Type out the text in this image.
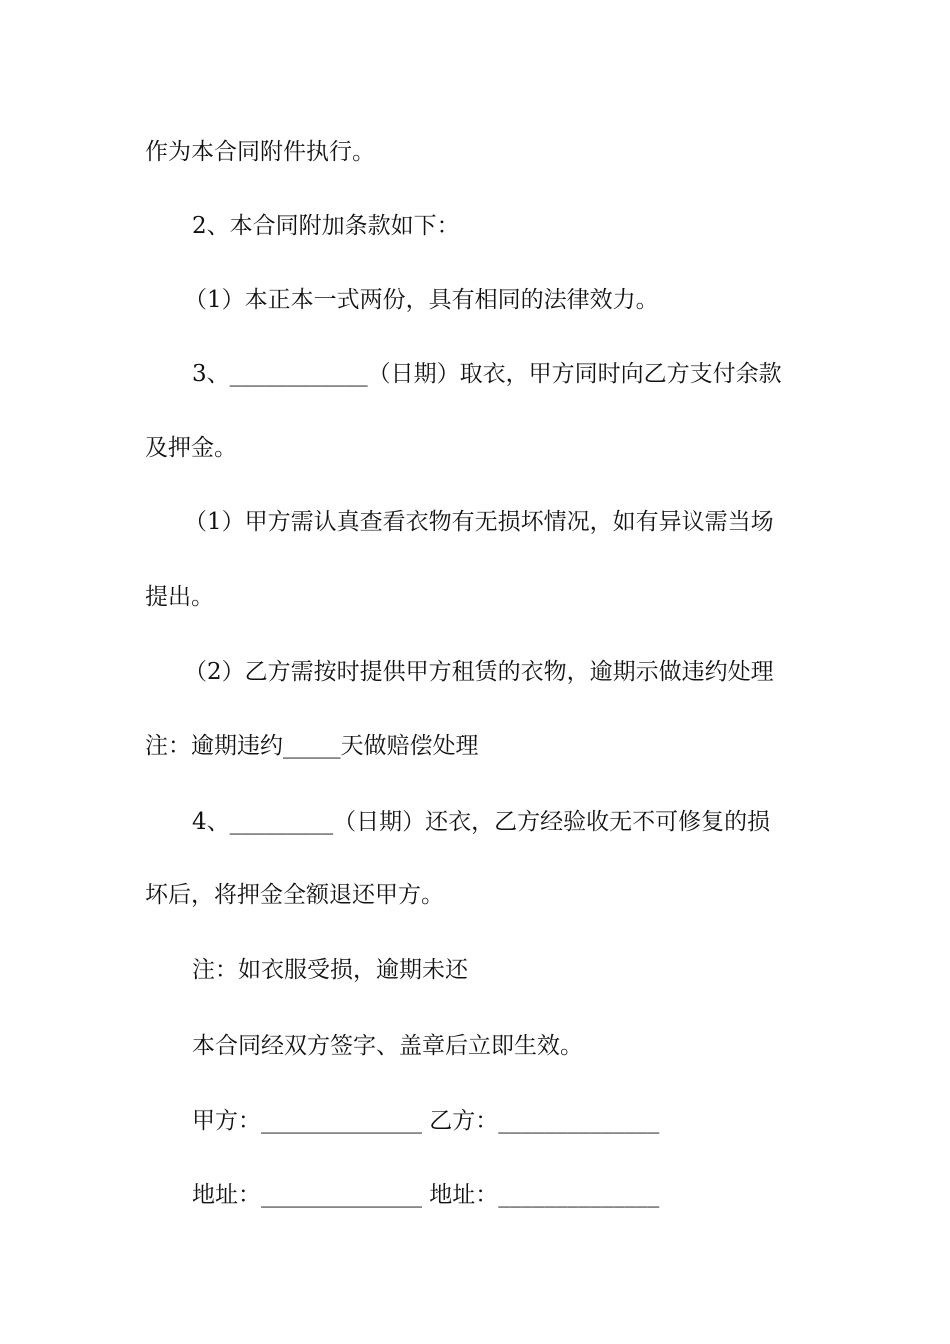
作为本合同附件执行。
2、本合同附加条款如下：
（1）本正本一式两份，具有相同的法律效力。
3、____________（日期）取衣，甲方同时向乙方支付余款
及押金。
（1）甲方需认真查看衣物有无损坏情况，如有异议需当场
提出。
（2）乙方需按时提供甲方租赁的衣物，逾期示做违约处理
注：逾期违约_____天做赔偿处理
4、_________（日期）还衣，乙方经验收无不可修复的损
坏后，将押金全额退还甲方。
注：如衣服受损，逾期未还
本合同经双方签字、盖章后立即生效。
甲方：______________ 乙方：______________
地址：______________ 地址：______________
